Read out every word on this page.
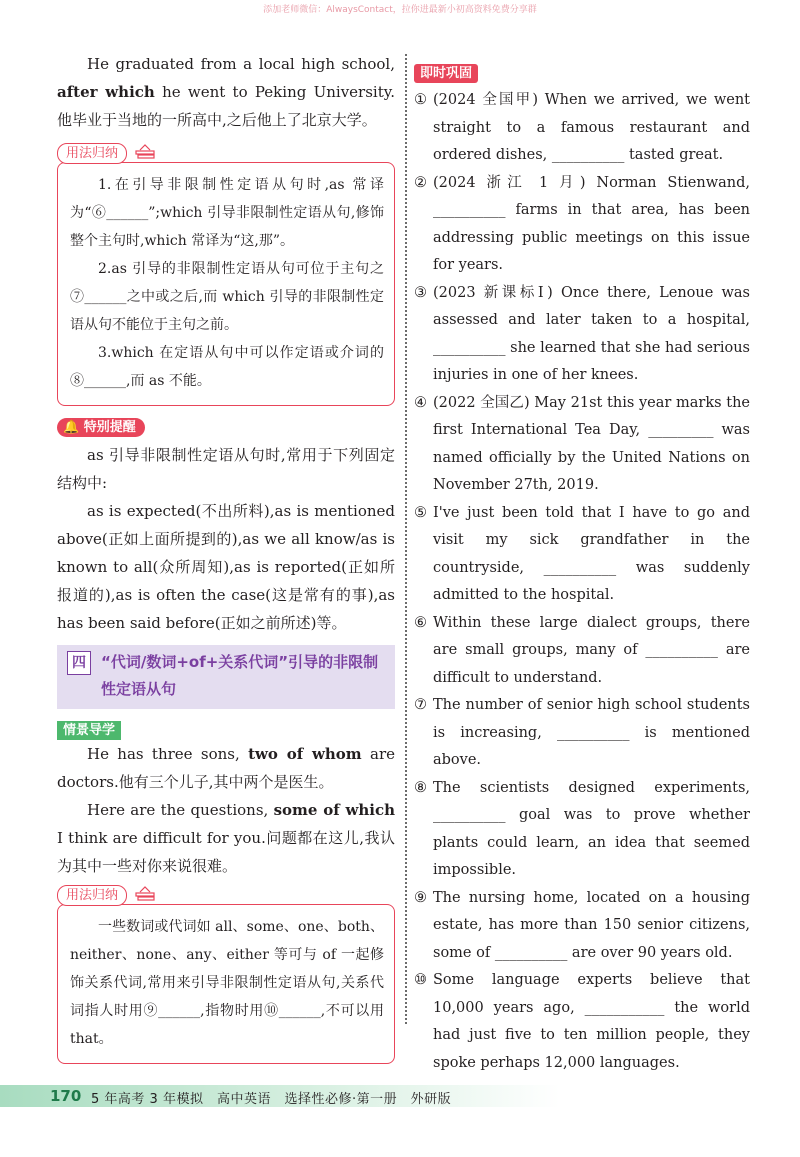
添加老师微信：AlwaysContact，拉你进最新小初高资料免费分享群

He graduated from a local high school, after which he went to Peking University.他毕业于当地的一所高中,之后他上了北京大学。

用法归纳

1.在引导非限制性定语从句时,as 常译为“⑥______”;which 引导非限制性定语从句,修饰整个主句时,which 常译为“这,那”。

2.as 引导的非限制性定语从句可位于主句之⑦______之中或之后,而 which 引导的非限制性定语从句不能位于主句之前。

3.which 在定语从句中可以作定语或介词的⑧______,而 as 不能。

🔔 特别提醒

as 引导非限制性定语从句时,常用于下列固定结构中:

as is expected(不出所料),as is mentioned above(正如上面所提到的),as we all know/as is known to all(众所周知),as is reported(正如所报道的),as is often the case(这是常有的事),as has been said before(正如之前所述)等。

四	“代词/数词+of+关系代词”引导的非限制性定语从句
情景导学

He has three sons, two of whom are doctors.他有三个儿子,其中两个是医生。

Here are the questions, some of which I think are difficult for you.问题都在这儿,我认为其中一些对你来说很难。

用法归纳

一些数词或代词如 all、some、one、both、neither、none、any、either 等可与 of 一起修饰关系代词,常用来引导非限制性定语从句,关系代词指人时用⑨______,指物时用⑩______,不可以用 that。

即时巩固
① (2024 全国甲) When we arrived, we went straight to a famous restaurant and ordered dishes, __________ tasted great.
② (2024 浙江 1 月) Norman Stienwand, __________ farms in that area, has been addressing public meetings on this issue for years.
③ (2023 新课标Ⅰ) Once there, Lenoue was assessed and later taken to a hospital, __________ she learned that she had serious injuries in one of her knees.
④ (2022 全国乙) May 21st this year marks the first International Tea Day, _________ was named officially by the United Nations on November 27th, 2019.
⑤ I've just been told that I have to go and visit my sick grandfather in the countryside, __________ was suddenly admitted to the hospital.
⑥ Within these large dialect groups, there are small groups, many of __________ are difficult to understand.
⑦ The number of senior high school students is increasing, __________ is mentioned above.
⑧ The scientists designed experiments, __________ goal was to prove whether plants could learn, an idea that seemed impossible.
⑨ The nursing home, located on a housing estate, has more than 150 senior citizens, some of __________ are over 90 years old.
⑩ Some language experts believe that 10,000 years ago, ___________ the world had just five to ten million people, they spoke perhaps 12,000 languages.
170 5 年高考 3 年模拟　高中英语　选择性必修·第一册　外研版
